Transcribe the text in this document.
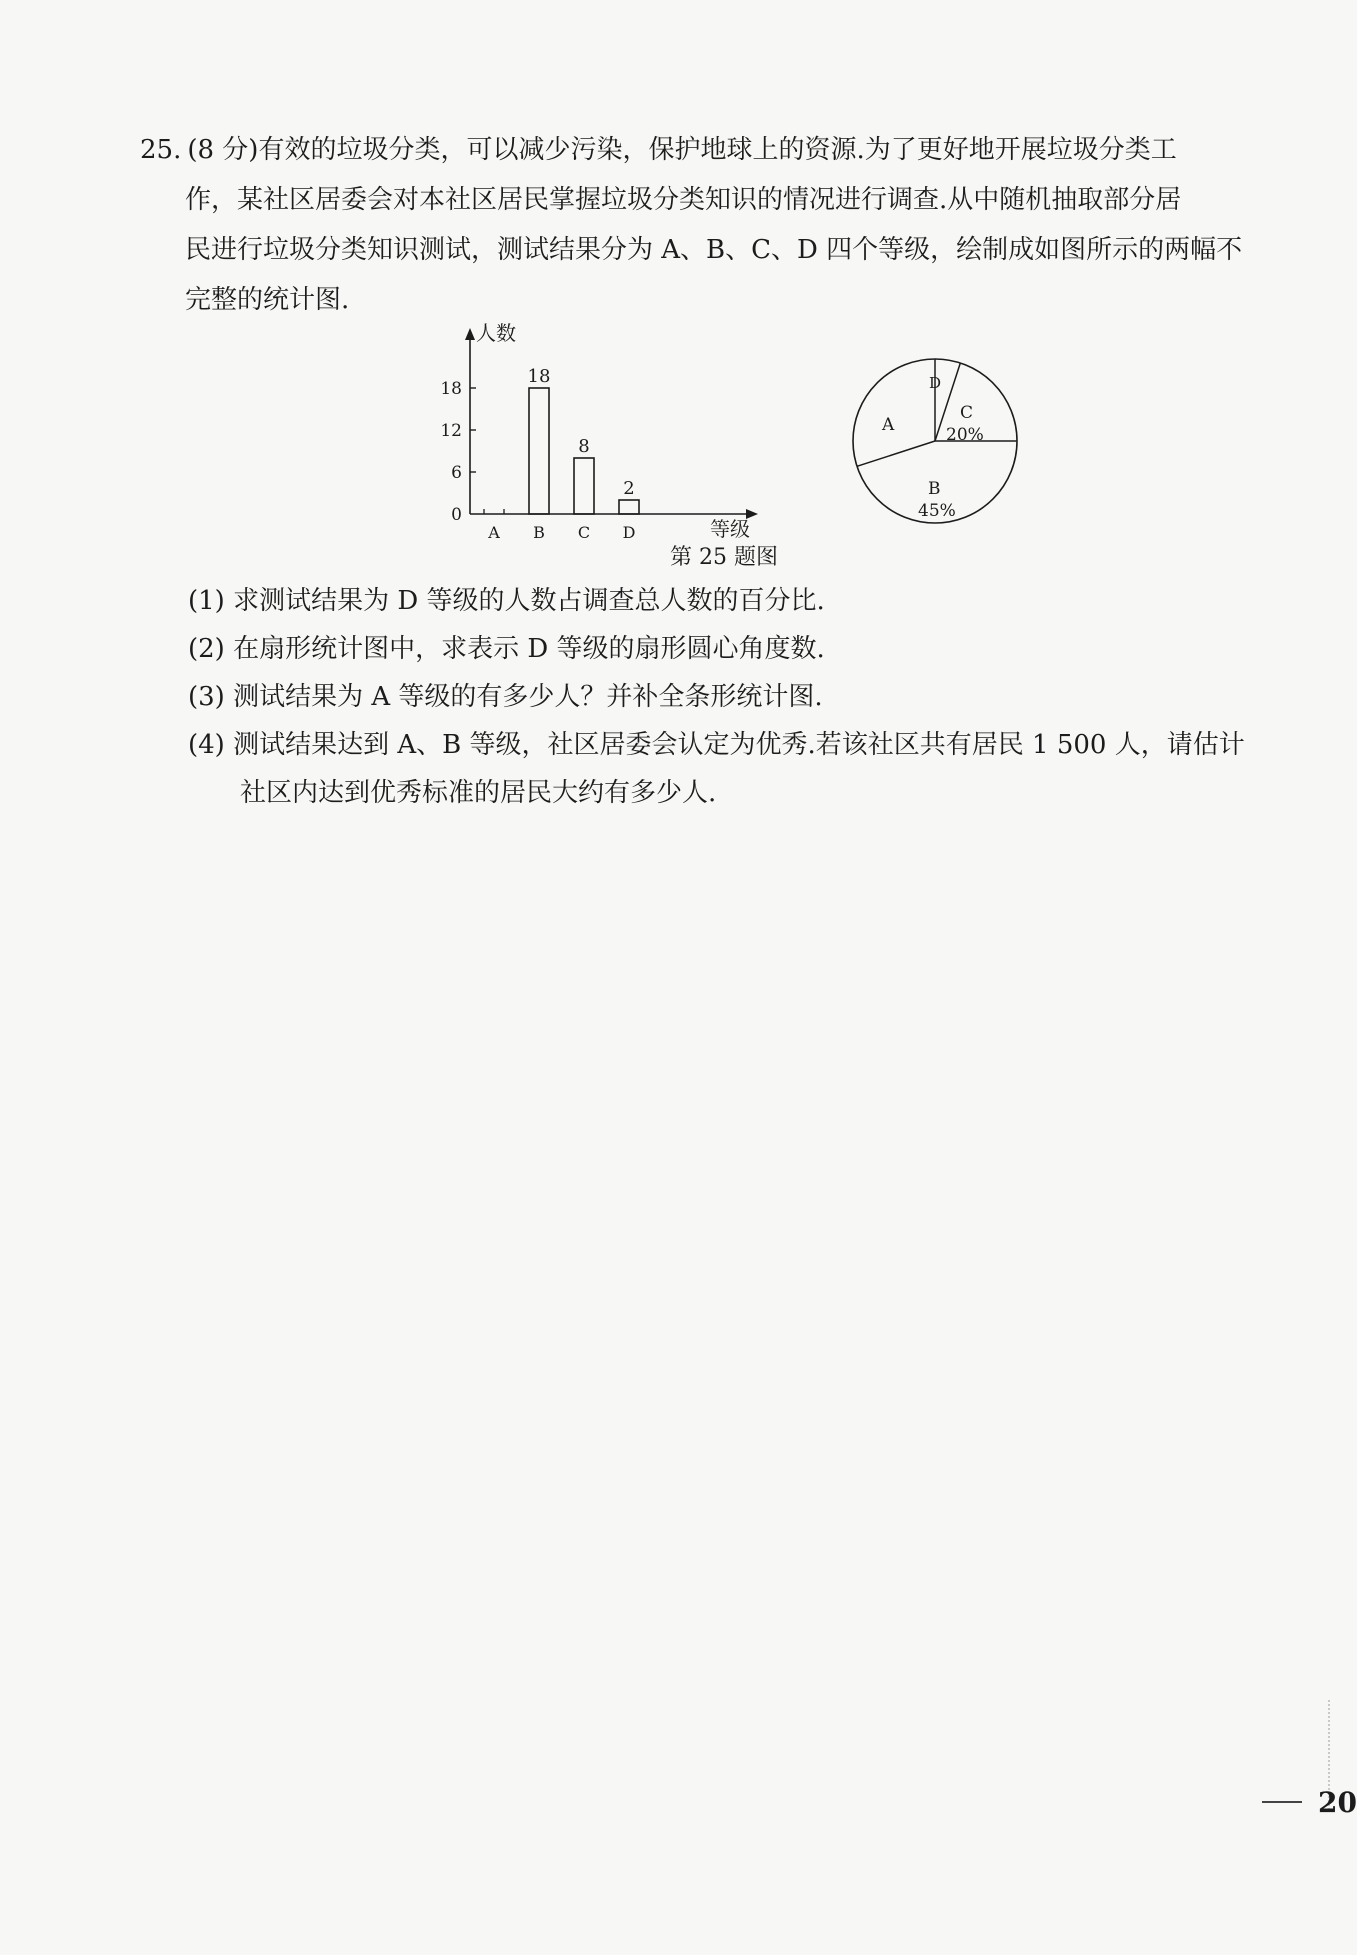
25. (8 分)有效的垃圾分类，可以减少污染，保护地球上的资源.为了更好地开展垃圾分类工
作，某社区居委会对本社区居民掌握垃圾分类知识的情况进行调查.从中随机抽取部分居
民进行垃圾分类知识测试，测试结果分为 A、B、C、D 四个等级，绘制成如图所示的两幅不
完整的统计图.
0
6
12
18
A B
18
C
8
D
2
人数
等级
A
B
45%
C
20%
D
第 25 题图
(1) 求测试结果为 D 等级的人数占调查总人数的百分比.
(2) 在扇形统计图中，求表示 D 等级的扇形圆心角度数.
(3) 测试结果为 A 等级的有多少人？并补全条形统计图.
(4) 测试结果达到 A、B 等级，社区居委会认定为优秀.若该社区共有居民 1 500 人，请估计
社区内达到优秀标准的居民大约有多少人.
20
